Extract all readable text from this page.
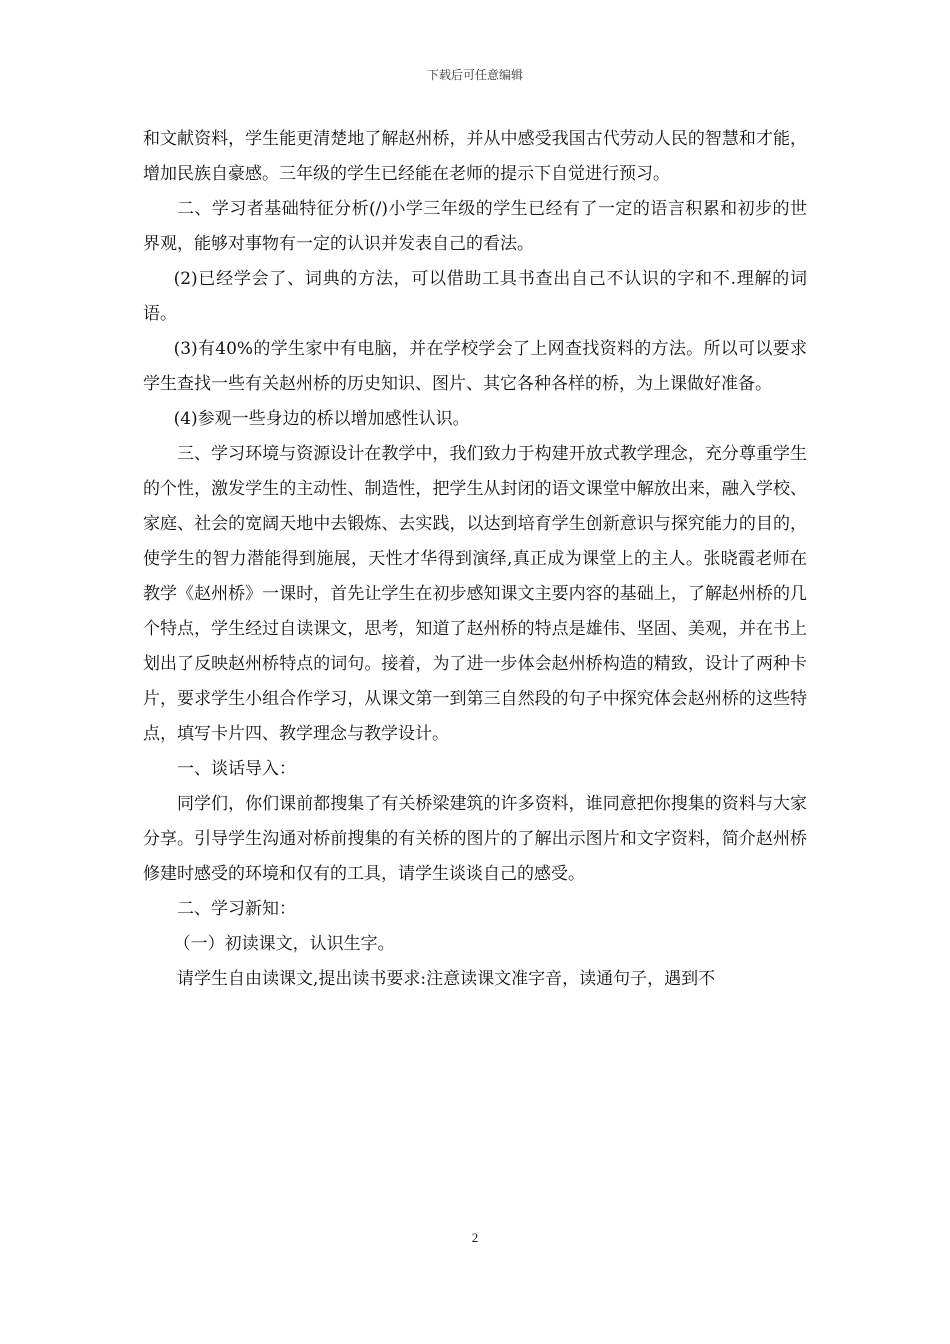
下载后可任意编辑

和文献资料，学生能更清楚地了解赵州桥，并从中感受我国古代劳动人民的智慧和才能，增加民族自豪感。三年级的学生已经能在老师的提示下自觉进行预习。

二、学习者基础特征分析(/)小学三年级的学生已经有了一定的语言积累和初步的世界观，能够对事物有一定的认识并发表自己的看法。

(2)已经学会了、词典的方法，可以借助工具书查出自己不认识的字和不.理解的词语。

(3)有40%的学生家中有电脑，并在学校学会了上网查找资料的方法。所以可以要求学生查找一些有关赵州桥的历史知识、图片、其它各种各样的桥，为上课做好准备。

(4)参观一些身边的桥以增加感性认识。

三、学习环境与资源设计在教学中，我们致力于构建开放式教学理念，充分尊重学生的个性，激发学生的主动性、制造性，把学生从封闭的语文课堂中解放出来，融入学校、家庭、社会的宽阔天地中去锻炼、去实践，以达到培育学生创新意识与探究能力的目的，使学生的智力潜能得到施展，天性才华得到演绎,真正成为课堂上的主人。张晓霞老师在教学《赵州桥》一课时，首先让学生在初步感知课文主要内容的基础上，了解赵州桥的几个特点，学生经过自读课文，思考，知道了赵州桥的特点是雄伟、坚固、美观，并在书上划出了反映赵州桥特点的词句。接着，为了进一步体会赵州桥构造的精致，设计了两种卡片，要求学生小组合作学习，从课文第一到第三自然段的句子中探究体会赵州桥的这些特点，填写卡片四、教学理念与教学设计。

一、谈话导入：

同学们，你们课前都搜集了有关桥梁建筑的许多资料，谁同意把你搜集的资料与大家分享。引导学生沟通对桥前搜集的有关桥的图片的了解出示图片和文字资料，简介赵州桥修建时感受的环境和仅有的工具，请学生谈谈自己的感受。

二、学习新知：

（一）初读课文，认识生字。

请学生自由读课文,提出读书要求:注意读课文准字音，读通句子，遇到不

2
